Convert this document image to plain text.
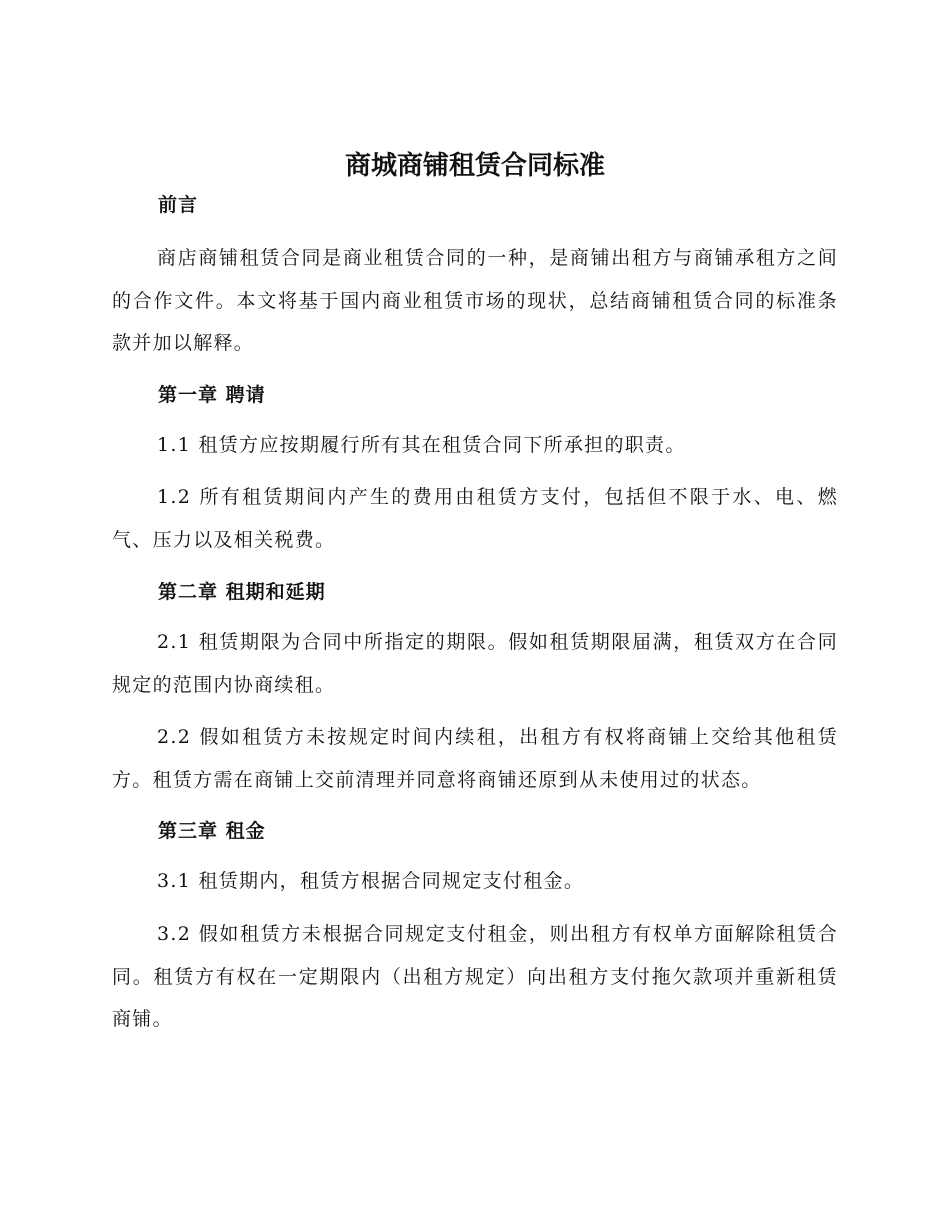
商城商铺租赁合同标准
前言

商店商铺租赁合同是商业租赁合同的一种，是商铺出租方与商铺承租方之间的合作文件。本文将基于国内商业租赁市场的现状，总结商铺租赁合同的标准条款并加以解释。

第一章 聘请

1.1 租赁方应按期履行所有其在租赁合同下所承担的职责。

1.2 所有租赁期间内产生的费用由租赁方支付，包括但不限于水、电、燃气、压力以及相关税费。

第二章 租期和延期

2.1 租赁期限为合同中所指定的期限。假如租赁期限届满，租赁双方在合同规定的范围内协商续租。

2.2 假如租赁方未按规定时间内续租，出租方有权将商铺上交给其他租赁方。租赁方需在商铺上交前清理并同意将商铺还原到从未使用过的状态。

第三章 租金

3.1 租赁期内，租赁方根据合同规定支付租金。

3.2 假如租赁方未根据合同规定支付租金，则出租方有权单方面解除租赁合同。租赁方有权在一定期限内（出租方规定）向出租方支付拖欠款项并重新租赁商铺。
